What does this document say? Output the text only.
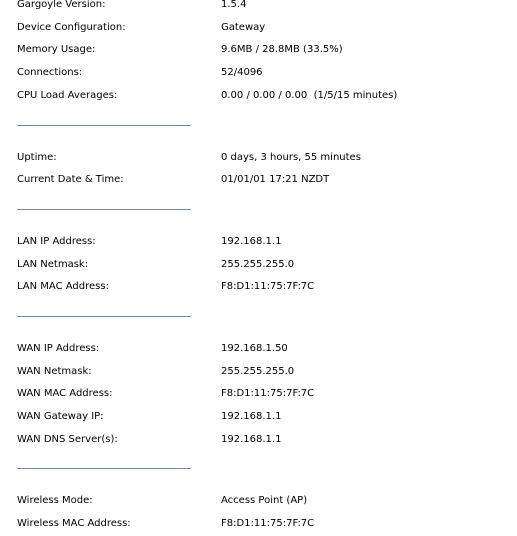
Gargoyle Version:	1.5.4
Device Configuration:	Gateway
Memory Usage:	9.6MB / 28.8MB (33.5%)
Connections:	52/4096
CPU Load Averages:	0.00 / 0.00 / 0.00  (1/5/15 minutes)
Uptime:	0 days, 3 hours, 55 minutes
Current Date & Time:	01/01/01 17:21 NZDT
LAN IP Address:	192.168.1.1
LAN Netmask:	255.255.255.0
LAN MAC Address:	F8:D1:11:75:7F:7C
WAN IP Address:	192.168.1.50
WAN Netmask:	255.255.255.0
WAN MAC Address:	F8:D1:11:75:7F:7C
WAN Gateway IP:	192.168.1.1
WAN DNS Server(s):	192.168.1.1
Wireless Mode:	Access Point (AP)
Wireless MAC Address:	F8:D1:11:75:7F:7C
